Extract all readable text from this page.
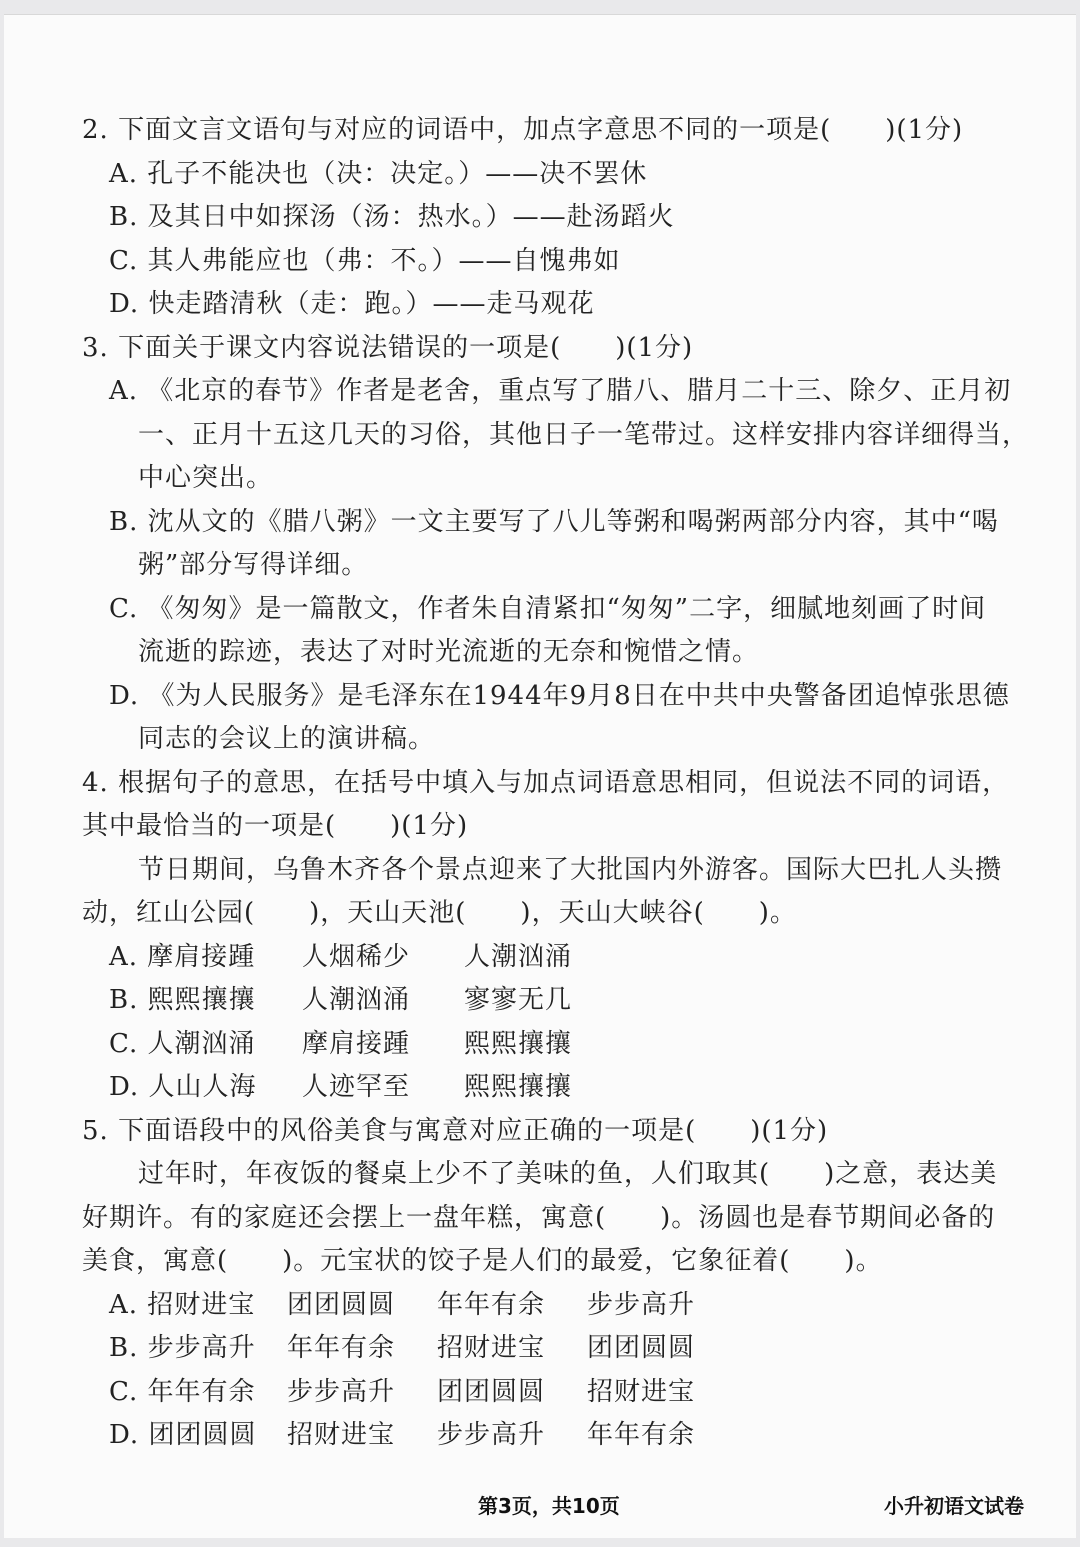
2. 下面文言文语句与对应的词语中，加点字意思不同的一项是(　　)(1分)
A. 孔子不能决也（决：决定。）——决不罢休
B. 及其日中如探汤（汤：热水。）——赴汤蹈火
C. 其人弗能应也（弗：不。）——自愧弗如
D. 快走踏清秋（走：跑。）——走马观花
3. 下面关于课文内容说法错误的一项是(　　)(1分)
A. 《北京的春节》作者是老舍，重点写了腊八、腊月二十三、除夕、正月初
一、正月十五这几天的习俗，其他日子一笔带过。这样安排内容详细得当，
中心突出。
B. 沈从文的《腊八粥》一文主要写了八儿等粥和喝粥两部分内容，其中“喝
粥”部分写得详细。
C. 《匆匆》是一篇散文，作者朱自清紧扣“匆匆”二字，细腻地刻画了时间
流逝的踪迹，表达了对时光流逝的无奈和惋惜之情。
D. 《为人民服务》是毛泽东在1944年9月8日在中共中央警备团追悼张思德
同志的会议上的演讲稿。
4. 根据句子的意思，在括号中填入与加点词语意思相同，但说法不同的词语，
其中最恰当的一项是(　　)(1分)
节日期间，乌鲁木齐各个景点迎来了大批国内外游客。国际大巴扎人头攒
动，红山公园(　　)，天山天池(　　)，天山大峡谷(　　)。
A. 摩肩接踵	人烟稀少	人潮汹涌
B. 熙熙攘攘	人潮汹涌	寥寥无几
C. 人潮汹涌	摩肩接踵	熙熙攘攘
D. 人山人海	人迹罕至	熙熙攘攘
5. 下面语段中的风俗美食与寓意对应正确的一项是(　　)(1分)
过年时，年夜饭的餐桌上少不了美味的鱼，人们取其(　　)之意，表达美
好期许。有的家庭还会摆上一盘年糕，寓意(　　)。汤圆也是春节期间必备的
美食，寓意(　　)。元宝状的饺子是人们的最爱，它象征着(　　)。
A. 招财进宝	团团圆圆	年年有余	步步高升
B. 步步高升	年年有余	招财进宝	团团圆圆
C. 年年有余	步步高升	团团圆圆	招财进宝
D. 团团圆圆	招财进宝	步步高升	年年有余
第3页，共10页	小升初语文试卷
